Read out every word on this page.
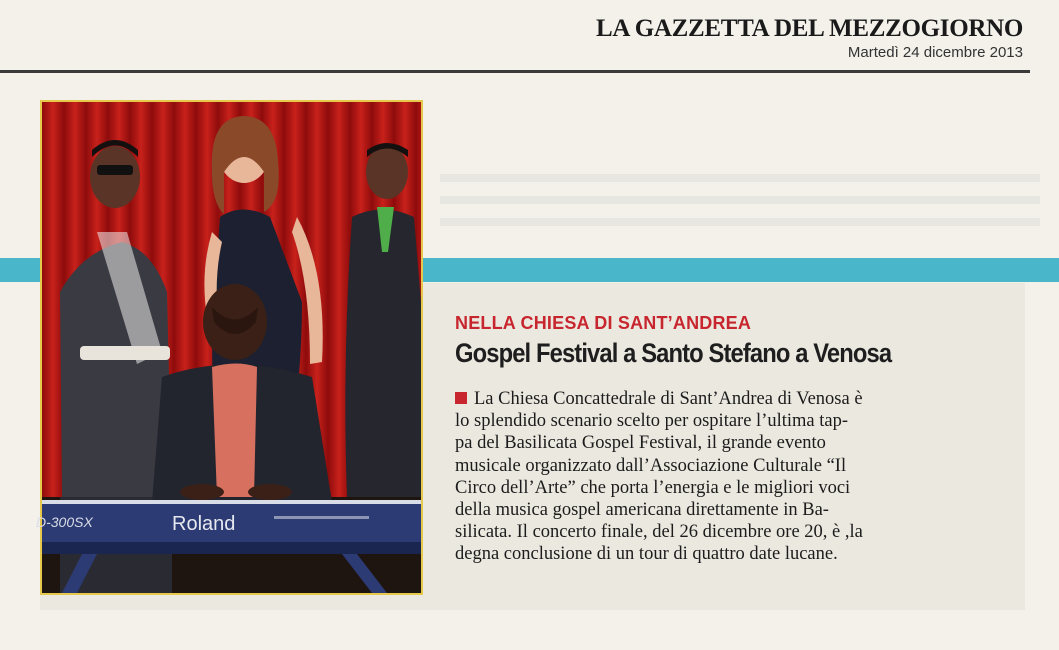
LA GAZZETTA DEL MEZZOGIORNO
Martedì 24 dicembre 2013
D-300SX	Roland
NELLA CHIESA DI SANT’ANDREA
Gospel Festival a Santo Stefano a Venosa
La Chiesa Concattedrale di Sant’Andrea di Venosa è
lo splendido scenario scelto per ospitare l’ultima tap-
pa del Basilicata Gospel Festival, il grande evento
musicale organizzato dall’Associazione Culturale “Il
Circo dell’Arte” che porta l’energia e le migliori voci
della musica gospel americana direttamente in Ba-
silicata. Il concerto finale, del 26 dicembre ore 20, è ,la
degna conclusione di un tour di quattro date lucane.
